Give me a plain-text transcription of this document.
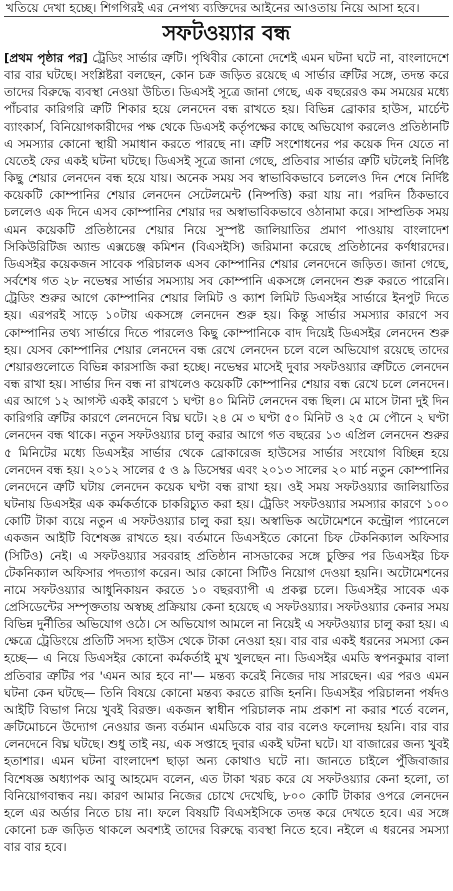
খতিয়ে দেখা হচ্ছে। শিগগিরই এর নেপথ্য ব্যক্তিদের আইনের আওতায় নিয়ে আসা হবে।
সফটওয়্যার বন্ধ

[প্রথম পৃষ্ঠার পর] ট্রেডিং সার্ভার ত্রুটি। পৃথিবীর কোনো দেশেই এমন ঘটনা ঘটে না, বাংলাদেশে বার বার ঘটছে। সংশ্লিষ্টরা বলছেন, কোন চক্র জড়িত রয়েছে এ সার্ভার ত্রুটির সঙ্গে, তদন্ত করে তাদের বিরুদ্ধে ব্যবস্থা নেওয়া উচিত। ডিএসই সূত্রে জানা গেছে, এক বছরেরও কম সময়ের মধ্যে পাঁচবার কারিগরি ত্রুটি শিকার হয়ে লেনদেন বন্ধ রাখতে হয়। বিভিন্ন ব্রোকার হাউস, মার্চেন্ট ব্যাংকার্স, বিনিয়োগকারীদের পক্ষ থেকে ডিএসই কর্তৃপক্ষের কাছে অভিযোগ করলেও প্রতিষ্ঠানটি এ সমস্যার কোনো স্থায়ী সমাধান করতে পারছে না। ত্রুটি সংশোধনের পর কয়েক দিন যেতে না যেতেই ফের একই ঘটনা ঘটছে। ডিএসই সূত্রে জানা গেছে, প্রতিবার সার্ভার ত্রুটি ঘটলেই নির্দিষ্ট কিছু শেয়ার লেনদেন বন্ধ হয়ে যায়। অনেক সময় সব স্বাভাবিকভাবে চললেও দিন শেষে নির্দিষ্ট কয়েকটি কোম্পানির শেয়ার লেনদেন সেটেলমেন্ট (নিষ্পত্তি) করা যায় না। পরদিন ঠিকভাবে চললেও এক দিনে এসব কোম্পানির শেয়ার দর অস্বাভাবিকভাবে ওঠানামা করে। সাম্প্রতিক সময় এমন কয়েকটি প্রতিষ্ঠানের শেয়ার নিয়ে সুস্পষ্ট জালিয়াতির প্রমাণ পাওয়ায় বাংলাদেশ সিকিউরিটিজ অ্যান্ড এক্সচেঞ্জ কমিশন (বিএসইসি) জরিমানা করেছে প্রতিষ্ঠানের কর্ণধারদের। ডিএসইর কয়েকজন সাবেক পরিচালক এসব কোম্পানির শেয়ার লেনদেনে জড়িত। জানা গেছে, সর্বশেষ গত ২৮ নভেম্বর সার্ভার সমস্যায় সব কোম্পানি একসঙ্গে লেনদেন শুরু করতে পারেনি। ট্রেডিং শুরুর আগে কোম্পানির শেয়ার লিমিট ও ক্যাশ লিমিট ডিএসইর সার্ভারে ইনপুট দিতে হয়। এরপরই সাড়ে ১০টায় একসঙ্গে লেনদেন শুরু হয়। কিন্তু সার্ভার সমস্যার কারণে সব কোম্পানির তথ্য সার্ভারে দিতে পারলেও কিছু কোম্পানিকে বাদ দিয়েই ডিএসইর লেনদেন শুরু হয়। যেসব কোম্পানির শেয়ার লেনদেন বন্ধ রেখে লেনদেন চলে বলে অভিযোগ রয়েছে তাদের শেয়ারগুলোতে বিভিন্ন কারসাজি করা হচ্ছে। নভেম্বর মাসেই দুবার সফটওয়্যার ত্রুটিতে লেনদেন বন্ধ রাখা হয়। সার্ভার দিন বন্ধ না রাখলেও কয়েকটি কোম্পানির শেয়ার বন্ধ রেখে চলে লেনদেন। এর আগে ১২ আগস্ট একই কারণে ১ ঘণ্টা ৪০ মিনিট লেনদেন বন্ধ ছিল। মে মাসে টানা দুই দিন কারিগরি ত্রুটির কারণে লেনদেনে বিঘ্ন ঘটে। ২৪ মে ৩ ঘণ্টা ৫০ মিনিট ও ২৫ মে পৌনে ২ ঘণ্টা লেনদেন বন্ধ থাকে। নতুন সফটওয়্যার চালু করার আগে গত বছরের ১৩ এপ্রিল লেনদেন শুরুর ৫ মিনিটের মধ্যে ডিএসইর সার্ভার থেকে ব্রোকারেজ হাউসের সার্ভার সংযোগ বিচ্ছিন্ন হয়ে লেনদেন বন্ধ হয়। ২০১২ সালের ৫ ও ৯ ডিসেম্বর এবং ২০১৩ সালের ২০ মার্চ নতুন কোম্পানির লেনদেনে ত্রুটি ঘটায় লেনদেন কয়েক ঘণ্টা বন্ধ রাখা হয়। ওই সময় সফটওয়্যার জালিয়াতির ঘটনায় ডিএসইর এক কর্মকর্তাকে চাকরিচ্যুত করা হয়। ট্রেডিং সফটওয়্যার সমস্যার কারণে ১০০ কোটি টাকা ব্যয়ে নতুন এ সফটওয়্যার চালু করা হয়। অস্বাভিক অটোমেশনে কন্ট্রোল প্যানেলে একজন আইটি বিশেষজ্ঞ রাখতে হয়। বর্তমানে ডিএসইতে কোনো চিফ টেকনিক্যাল অফিসার (সিটিও) নেই। এ সফটওয়্যার সরবরাহ প্রতিষ্ঠান নাসডাকের সঙ্গে চুক্তির পর ডিএসইর চিফ টেকনিক্যাল অফিসার পদত্যাগ করেন। আর কোনো সিটিও নিয়োগ দেওয়া হয়নি। অটোমেশনের নামে সফটওয়্যার আধুনিকায়ন করতে ১০ বছরব্যাপী এ প্রকল্প চলে। ডিএসইর সাবেক এক প্রেসিডেন্টের সম্পৃক্ততায় অস্বচ্ছ প্রক্রিয়ায় কেনা হয়েছে এ সফটওয়্যার। সফটওয়্যার কেনার সময় বিভিন্ন দুর্নীতির অভিযোগ ওঠে। সে অভিযোগ আমলে না নিয়েই এ সফটওয়্যার চালু করা হয়। এ ক্ষেত্রে ট্রেডিংয়ে প্রতিটি সদস্য হাউস থেকে টাকা নেওয়া হয়। বার বার একই ধরনের সমস্যা কেন হচ্ছে— এ নিয়ে ডিএসইর কোনো কর্মকর্তাই মুখ খুলছেন না। ডিএসইর এমডি স্বপনকুমার বালা প্রতিবার ত্রুটির পর 'এমন আর হবে না'— মন্তব্য করেই নিজের দায় সারছেন। এর পরও এমন ঘটনা কেন ঘটছে— তিনি বিষয়ে কোনো মন্তব্য করতে রাজি হননি। ডিএসইর পরিচালনা পর্ষদও আইটি বিভাগ নিয়ে খুবই বিরক্ত। একজন স্বাধীন পরিচালক নাম প্রকাশ না করার শর্তে বলেন, ক্রটিমোচনে উদ্যোগ নেওয়ার জন্য বর্তমান এমডিকে বার বার বলেও ফলোদয় হয়নি। বার বার লেনদেনে বিঘ্ন ঘটছে। শুধু তাই নয়, এক সপ্তাহে দুবার একই ঘটনা ঘটে। যা বাজারের জন্য খুবই হতাশার। এমন ঘটনা বাংলাদেশ ছাড়া অন্য কোথাও ঘটে না। জানতে চাইলে পুঁজিবাজার বিশেষজ্ঞ অধ্যাপক আবু আহমেদ বলেন, এত টাকা খরচ করে যে সফটওয়্যার কেনা হলো, তা বিনিয়োগবান্ধব নয়। কারণ আমার নিজের চোখে দেখেছি, ৮০০ কোটি টাকার ওপরে লেনদেন হলে এর অর্ডার নিতে চায় না। ফলে বিষয়টি বিএসইসিকে তদন্ত করে দেখতে হবে। এর সঙ্গে কোনো চক্র জড়িত থাকলে অবশ্যই তাদের বিরুদ্ধে ব্যবস্থা নিতে হবে। নইলে এ ধরনের সমস্যা বার বার হবে।
